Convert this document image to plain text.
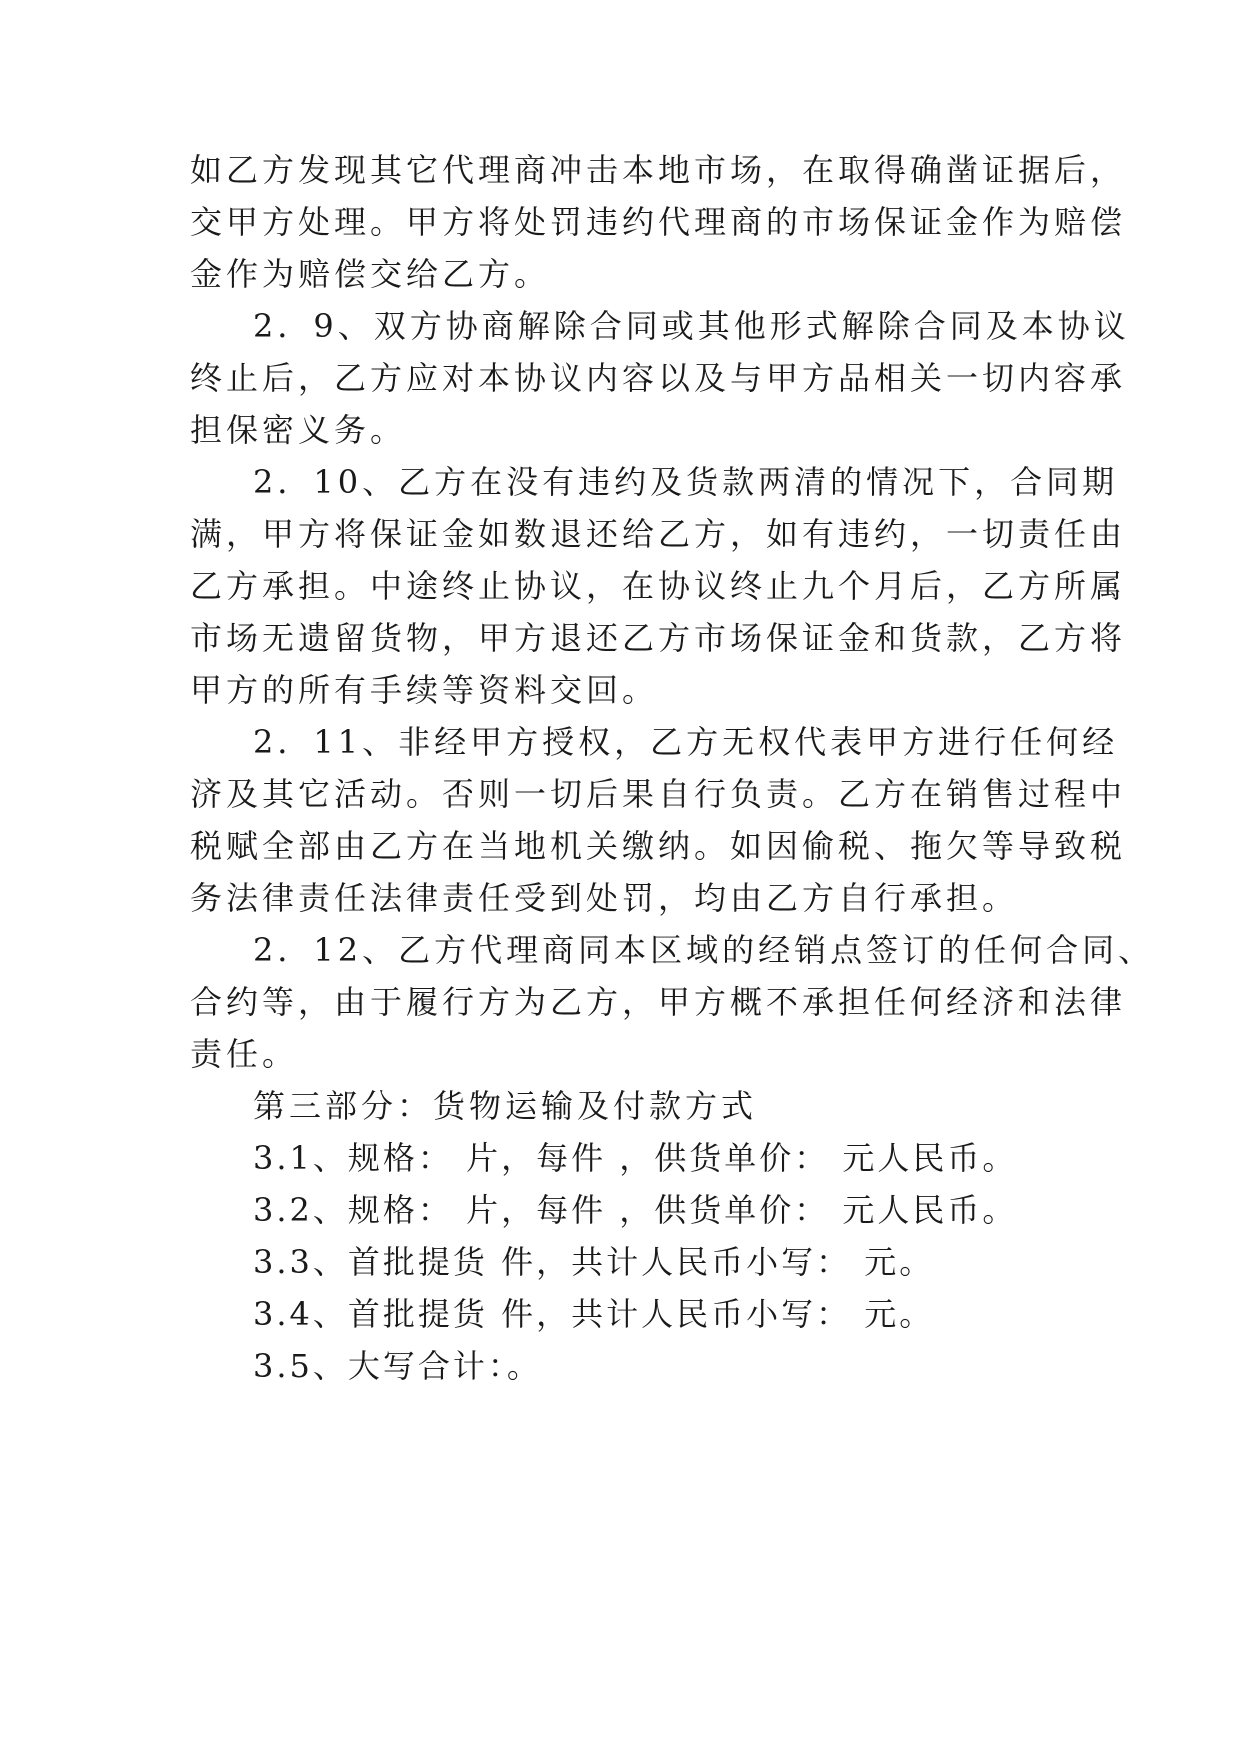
如乙方发现其它代理商冲击本地市场，在取得确凿证据后，
交甲方处理。甲方将处罚违约代理商的市场保证金作为赔偿
金作为赔偿交给乙方。
2．9、双方协商解除合同或其他形式解除合同及本协议
终止后，乙方应对本协议内容以及与甲方品相关一切内容承
担保密义务。
2．10、乙方在没有违约及货款两清的情况下，合同期
满，甲方将保证金如数退还给乙方，如有违约，一切责任由
乙方承担。中途终止协议，在协议终止九个月后，乙方所属
市场无遗留货物，甲方退还乙方市场保证金和货款，乙方将
甲方的所有手续等资料交回。
2．11、非经甲方授权，乙方无权代表甲方进行任何经
济及其它活动。否则一切后果自行负责。乙方在销售过程中
税赋全部由乙方在当地机关缴纳。如因偷税、拖欠等导致税
务法律责任法律责任受到处罚，均由乙方自行承担。
2．12、乙方代理商同本区域的经销点签订的任何合同、
合约等，由于履行方为乙方，甲方概不承担任何经济和法律
责任。
第三部分：货物运输及付款方式
3.1、规格： 片，每件 ，供货单价： 元人民币。
3.2、规格： 片，每件 ，供货单价： 元人民币。
3.3、首批提货 件，共计人民币小写： 元。
3.4、首批提货 件，共计人民币小写： 元。
3.5、大写合计：。
